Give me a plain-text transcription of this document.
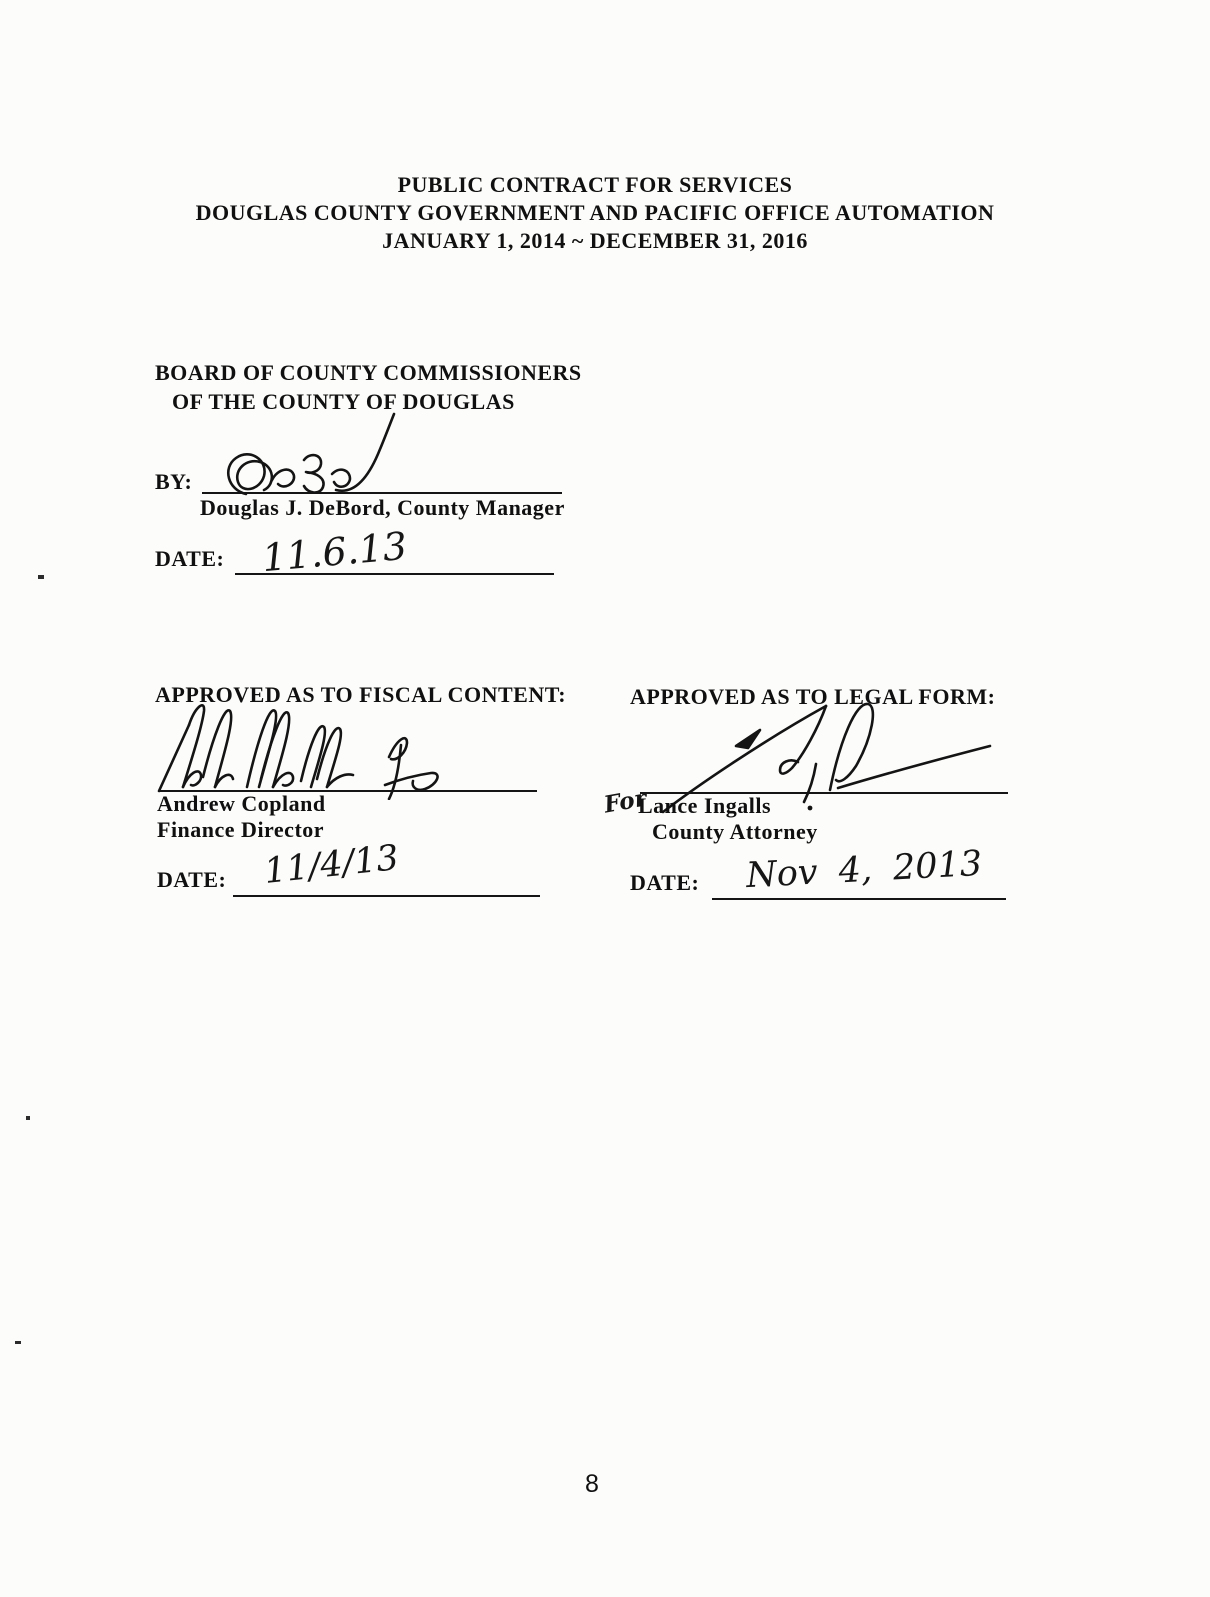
PUBLIC CONTRACT FOR SERVICES
DOUGLAS COUNTY GOVERNMENT AND PACIFIC OFFICE AUTOMATION
JANUARY 1, 2014 ~ DECEMBER 31, 2016
BOARD OF COUNTY COMMISSIONERS
OF THE COUNTY OF DOUGLAS
BY:
Douglas J. DeBord, County Manager
DATE: 11.6.13
APPROVED AS TO FISCAL CONTENT:
Andrew Copland
Finance Director
DATE: 11/4/13
APPROVED AS TO LEGAL FORM:
For
Lance Ingalls
County Attorney
DATE: Nov 4, 2013
8
